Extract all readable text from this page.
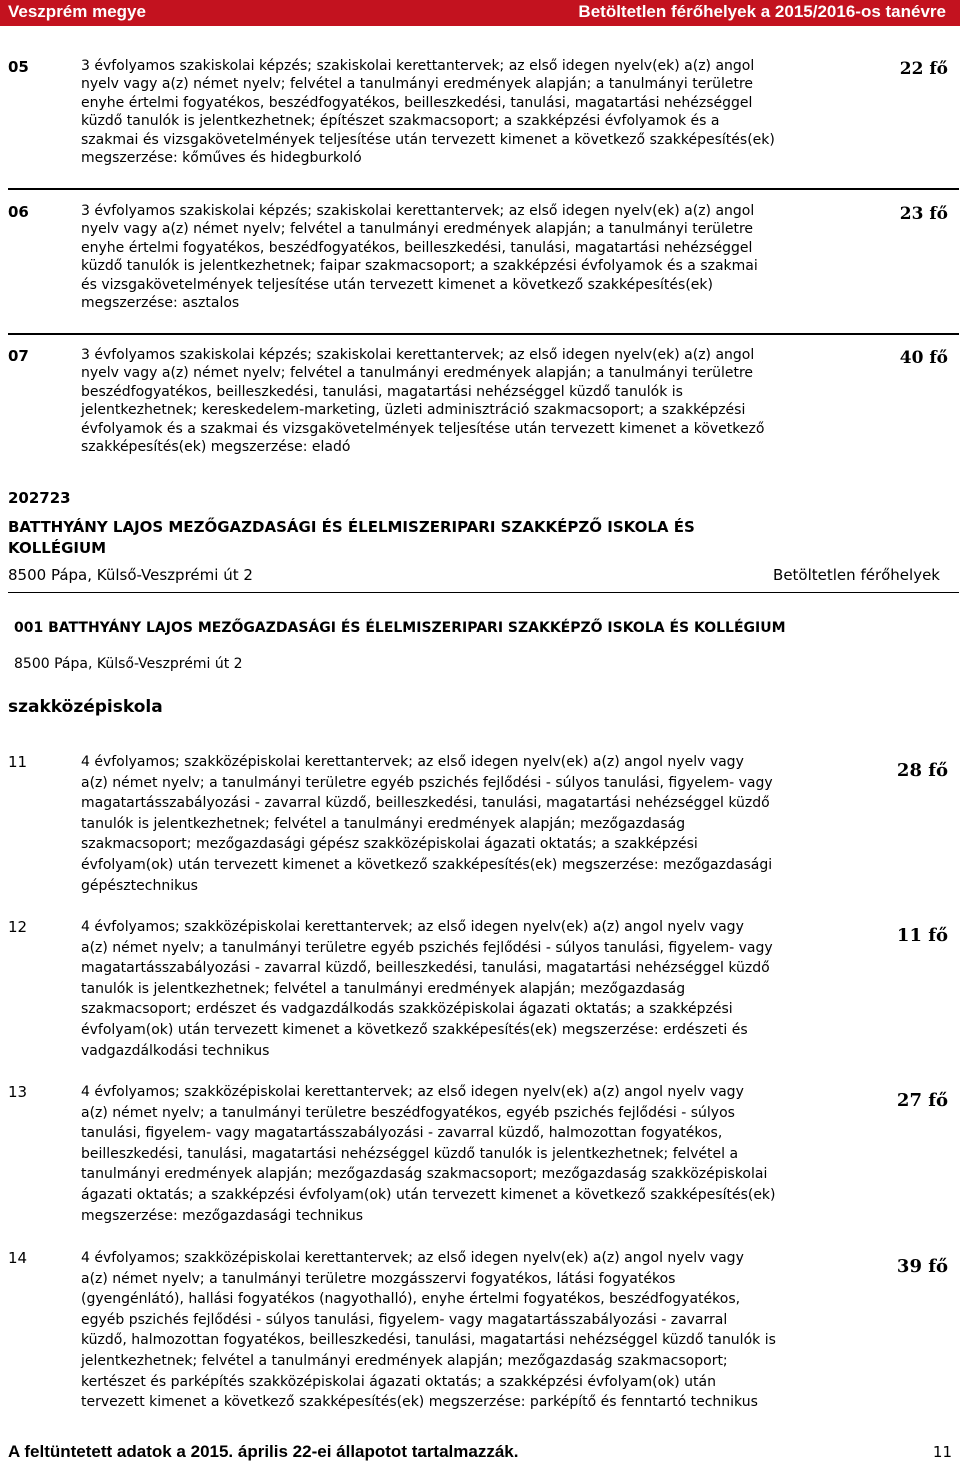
Veszprém megye	Betöltetlen férőhelyek a 2015/2016-os tanévre
05	3 évfolyamos szakiskolai képzés; szakiskolai kerettantervek; az első idegen nyelv(ek) a(z) angol
nyelv vagy a(z) német nyelv; felvétel a tanulmányi eredmények alapján; a tanulmányi területre
enyhe értelmi fogyatékos, beszédfogyatékos, beilleszkedési, tanulási, magatartási nehézséggel
küzdő tanulók is jelentkezhetnek; építészet szakmacsoport; a szakképzési évfolyamok és a
szakmai és vizsgakövetelmények teljesítése után tervezett kimenet a következő szakképesítés(ek)
megszerzése: kőműves és hidegburkoló
22 fő
06	3 évfolyamos szakiskolai képzés; szakiskolai kerettantervek; az első idegen nyelv(ek) a(z) angol
nyelv vagy a(z) német nyelv; felvétel a tanulmányi eredmények alapján; a tanulmányi területre
enyhe értelmi fogyatékos, beszédfogyatékos, beilleszkedési, tanulási, magatartási nehézséggel
küzdő tanulók is jelentkezhetnek; faipar szakmacsoport; a szakképzési évfolyamok és a szakmai
és vizsgakövetelmények teljesítése után tervezett kimenet a következő szakképesítés(ek)
megszerzése: asztalos
23 fő
07	3 évfolyamos szakiskolai képzés; szakiskolai kerettantervek; az első idegen nyelv(ek) a(z) angol
nyelv vagy a(z) német nyelv; felvétel a tanulmányi eredmények alapján; a tanulmányi területre
beszédfogyatékos, beilleszkedési, tanulási, magatartási nehézséggel küzdő tanulók is
jelentkezhetnek; kereskedelem-marketing, üzleti adminisztráció szakmacsoport; a szakképzési
évfolyamok és a szakmai és vizsgakövetelmények teljesítése után tervezett kimenet a következő
szakképesítés(ek) megszerzése: eladó
40 fő
202723
BATTHYÁNY LAJOS MEZŐGAZDASÁGI ÉS ÉLELMISZERIPARI SZAKKÉPZŐ ISKOLA ÉS
KOLLÉGIUM
8500 Pápa, Külső-Veszprémi út 2	Betöltetlen férőhelyek
001 BATTHYÁNY LAJOS MEZŐGAZDASÁGI ÉS ÉLELMISZERIPARI SZAKKÉPZŐ ISKOLA ÉS KOLLÉGIUM
8500 Pápa, Külső-Veszprémi út 2
szakközépiskola
11	4 évfolyamos; szakközépiskolai kerettantervek; az első idegen nyelv(ek) a(z) angol nyelv vagy
a(z) német nyelv; a tanulmányi területre egyéb pszichés fejlődési - súlyos tanulási, figyelem- vagy
magatartásszabályozási - zavarral küzdő, beilleszkedési, tanulási, magatartási nehézséggel küzdő
tanulók is jelentkezhetnek; felvétel a tanulmányi eredmények alapján; mezőgazdaság
szakmacsoport; mezőgazdasági gépész szakközépiskolai ágazati oktatás; a szakképzési
évfolyam(ok) után tervezett kimenet a következő szakképesítés(ek) megszerzése: mezőgazdasági
gépésztechnikus
28 fő
12	4 évfolyamos; szakközépiskolai kerettantervek; az első idegen nyelv(ek) a(z) angol nyelv vagy
a(z) német nyelv; a tanulmányi területre egyéb pszichés fejlődési - súlyos tanulási, figyelem- vagy
magatartásszabályozási - zavarral küzdő, beilleszkedési, tanulási, magatartási nehézséggel küzdő
tanulók is jelentkezhetnek; felvétel a tanulmányi eredmények alapján; mezőgazdaság
szakmacsoport; erdészet és vadgazdálkodás szakközépiskolai ágazati oktatás; a szakképzési
évfolyam(ok) után tervezett kimenet a következő szakképesítés(ek) megszerzése: erdészeti és
vadgazdálkodási technikus
11 fő
13	4 évfolyamos; szakközépiskolai kerettantervek; az első idegen nyelv(ek) a(z) angol nyelv vagy
a(z) német nyelv; a tanulmányi területre beszédfogyatékos, egyéb pszichés fejlődési - súlyos
tanulási, figyelem- vagy magatartásszabályozási - zavarral küzdő, halmozottan fogyatékos,
beilleszkedési, tanulási, magatartási nehézséggel küzdő tanulók is jelentkezhetnek; felvétel a
tanulmányi eredmények alapján; mezőgazdaság szakmacsoport; mezőgazdaság szakközépiskolai
ágazati oktatás; a szakképzési évfolyam(ok) után tervezett kimenet a következő szakképesítés(ek)
megszerzése: mezőgazdasági technikus
27 fő
14	4 évfolyamos; szakközépiskolai kerettantervek; az első idegen nyelv(ek) a(z) angol nyelv vagy
a(z) német nyelv; a tanulmányi területre mozgásszervi fogyatékos, látási fogyatékos
(gyengénlátó), hallási fogyatékos (nagyothalló), enyhe értelmi fogyatékos, beszédfogyatékos,
egyéb pszichés fejlődési - súlyos tanulási, figyelem- vagy magatartásszabályozási - zavarral
küzdő, halmozottan fogyatékos, beilleszkedési, tanulási, magatartási nehézséggel küzdő tanulók is
jelentkezhetnek; felvétel a tanulmányi eredmények alapján; mezőgazdaság szakmacsoport;
kertészet és parképítés szakközépiskolai ágazati oktatás; a szakképzési évfolyam(ok) után
tervezett kimenet a következő szakképesítés(ek) megszerzése: parképítő és fenntartó technikus
39 fő
A feltüntetett adatok a 2015. április 22-ei állapotot tartalmazzák.	11
